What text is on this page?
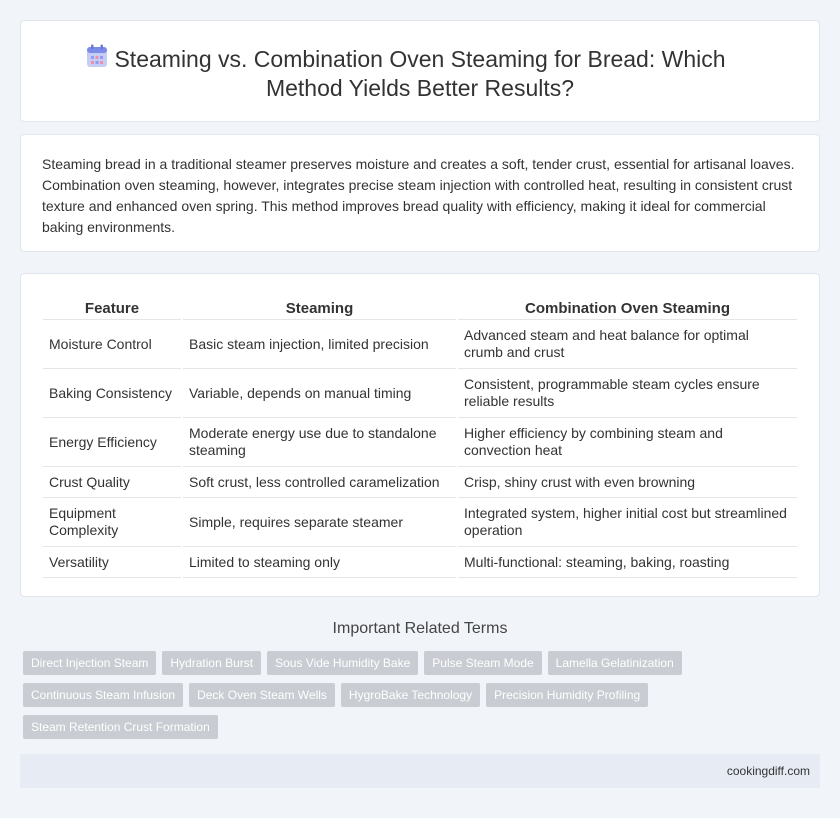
Steaming vs. Combination Oven Steaming for Bread: Which Method Yields Better Results?

Steaming bread in a traditional steamer preserves moisture and creates a soft, tender crust, essential for artisanal loaves. Combination oven steaming, however, integrates precise steam injection with controlled heat, resulting in consistent crust texture and enhanced oven spring. This method improves bread quality with efficiency, making it ideal for commercial baking environments.

Feature	Steaming	Combination Oven Steaming
Moisture Control	Basic steam injection, limited precision	Advanced steam and heat balance for optimal crumb and crust
Baking Consistency	Variable, depends on manual timing	Consistent, programmable steam cycles ensure reliable results
Energy Efficiency	Moderate energy use due to standalone steaming	Higher efficiency by combining steam and convection heat
Crust Quality	Soft crust, less controlled caramelization	Crisp, shiny crust with even browning
Equipment Complexity	Simple, requires separate steamer	Integrated system, higher initial cost but streamlined operation
Versatility	Limited to steaming only	Multi-functional: steaming, baking, roasting
Important Related Terms
Direct Injection Steam	Hydration Burst	Sous Vide Humidity Bake	Pulse Steam Mode	Lamella Gelatinization
Continuous Steam Infusion	Deck Oven Steam Wells	HygroBake Technology	Precision Humidity Profiling
Steam Retention Crust Formation
cookingdiff.com
